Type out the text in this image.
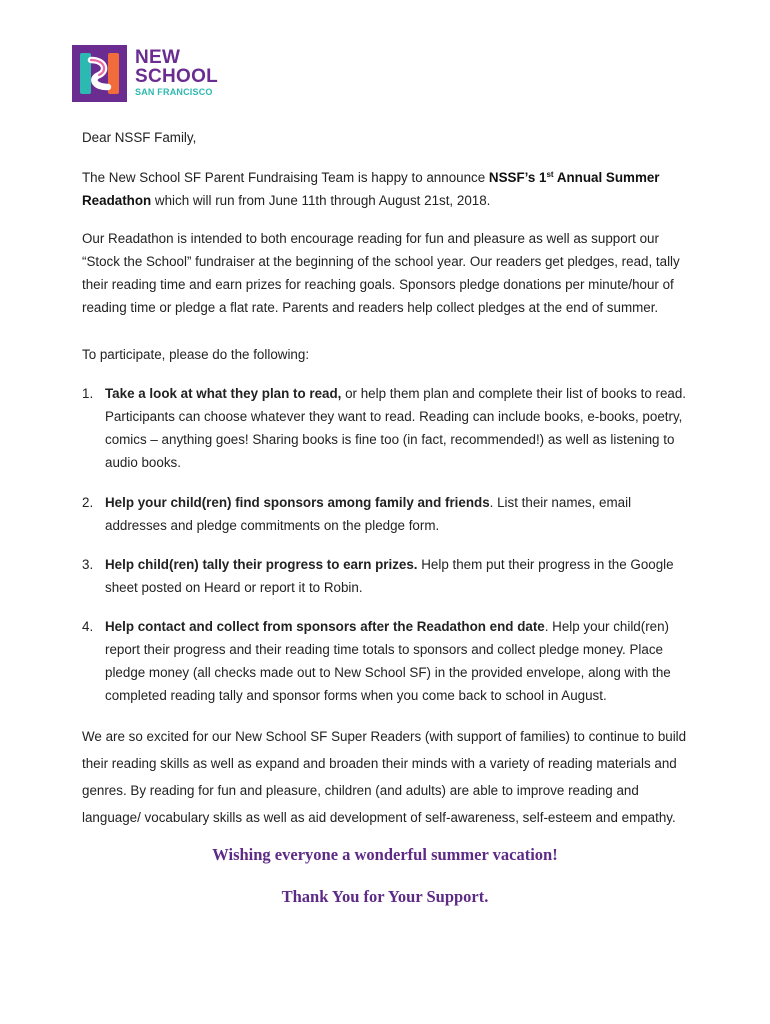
NEW
SCHOOL
SAN FRANCISCO

Dear NSSF Family,

The New School SF Parent Fundraising Team is happy to announce NSSF’s 1st Annual Summer Readathon which will run from June 11th through August 21st, 2018.

Our Readathon is intended to both encourage reading for fun and pleasure as well as support our “Stock the School” fundraiser at the beginning of the school year. Our readers get pledges, read, tally their reading time and earn prizes for reaching goals. Sponsors pledge donations per minute/hour of reading time or pledge a flat rate. Parents and readers help collect pledges at the end of summer.

To participate, please do the following:

1. Take a look at what they plan to read, or help them plan and complete their list of books to read. Participants can choose whatever they want to read. Reading can include books, e-books, poetry, comics – anything goes! Sharing books is fine too (in fact, recommended!) as well as listening to audio books.
2. Help your child(ren) find sponsors among family and friends. List their names, email addresses and pledge commitments on the pledge form.
3. Help child(ren) tally their progress to earn prizes. Help them put their progress in the Google sheet posted on Heard or report it to Robin.
4. Help contact and collect from sponsors after the Readathon end date. Help your child(ren) report their progress and their reading time totals to sponsors and collect pledge money. Place pledge money (all checks made out to New School SF) in the provided envelope, along with the completed reading tally and sponsor forms when you come back to school in August.

We are so excited for our New School SF Super Readers (with support of families) to continue to build their reading skills as well as expand and broaden their minds with a variety of reading materials and genres. By reading for fun and pleasure, children (and adults) are able to improve reading and language/ vocabulary skills as well as aid development of self-awareness, self-esteem and empathy.

Wishing everyone a wonderful summer vacation!
Thank You for Your Support.
